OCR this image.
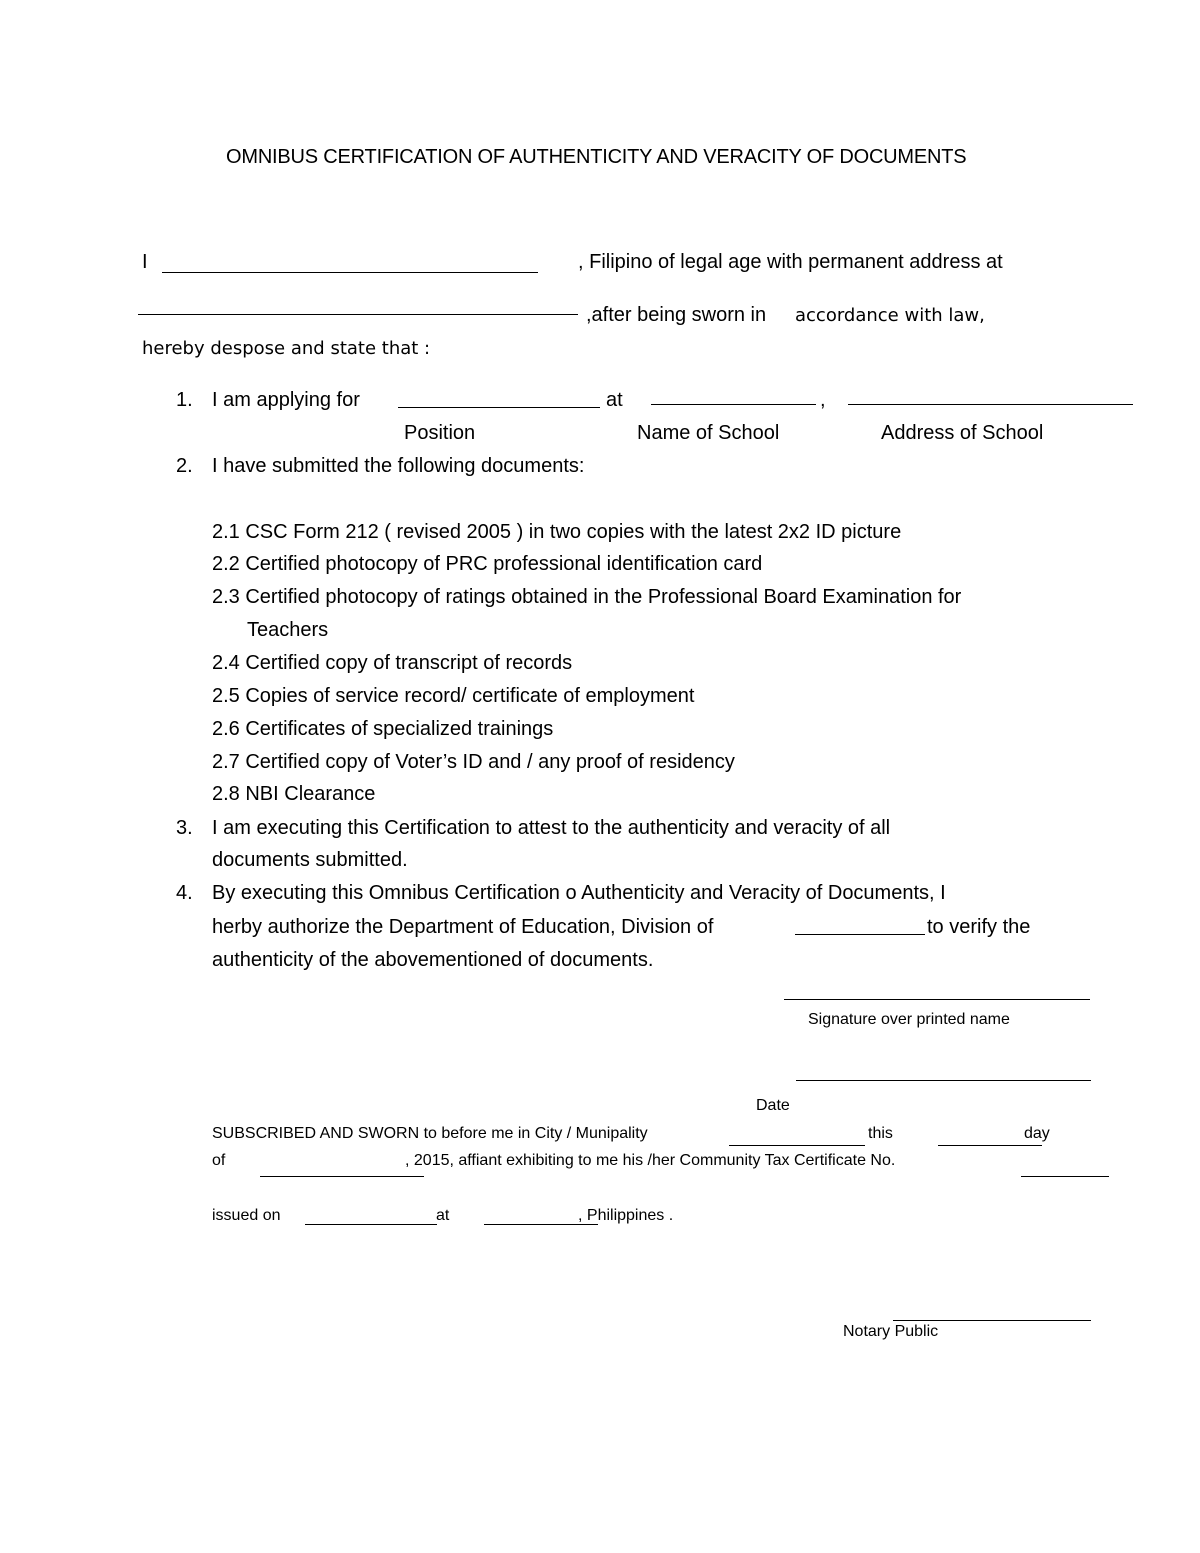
OMNIBUS CERTIFICATION OF AUTHENTICITY AND VERACITY OF DOCUMENTS
I	, Filipino of legal age with permanent address at
,after being sworn in accordance with law,
hereby despose and state that :
1. I am applying for	at	,
Position	Name of School	Address of School
2. I have submitted the following documents:
2.1 CSC Form 212 ( revised 2005 ) in two copies with the latest 2x2 ID picture
2.2 Certified photocopy of PRC professional identification card
2.3 Certified photocopy of ratings obtained in the Professional Board Examination for
Teachers
2.4 Certified copy of transcript of records
2.5 Copies of service record/ certificate of employment
2.6 Certificates of specialized trainings
2.7 Certified copy of Voter’s ID and / any proof of residency
2.8 NBI Clearance
3. I am executing this Certification to attest to the authenticity and veracity of all
documents submitted.
4. By executing this Omnibus Certification o Authenticity and Veracity of Documents, I
herby authorize the Department of Education, Division of	to verify the
authenticity of the abovementioned of documents.
Signature over printed name
Date
SUBSCRIBED AND SWORN to before me in City / Munipality	this	day
of	, 2015, affiant exhibiting to me his /her Community Tax Certificate No.
issued on	at	, Philippines .
Notary Public
